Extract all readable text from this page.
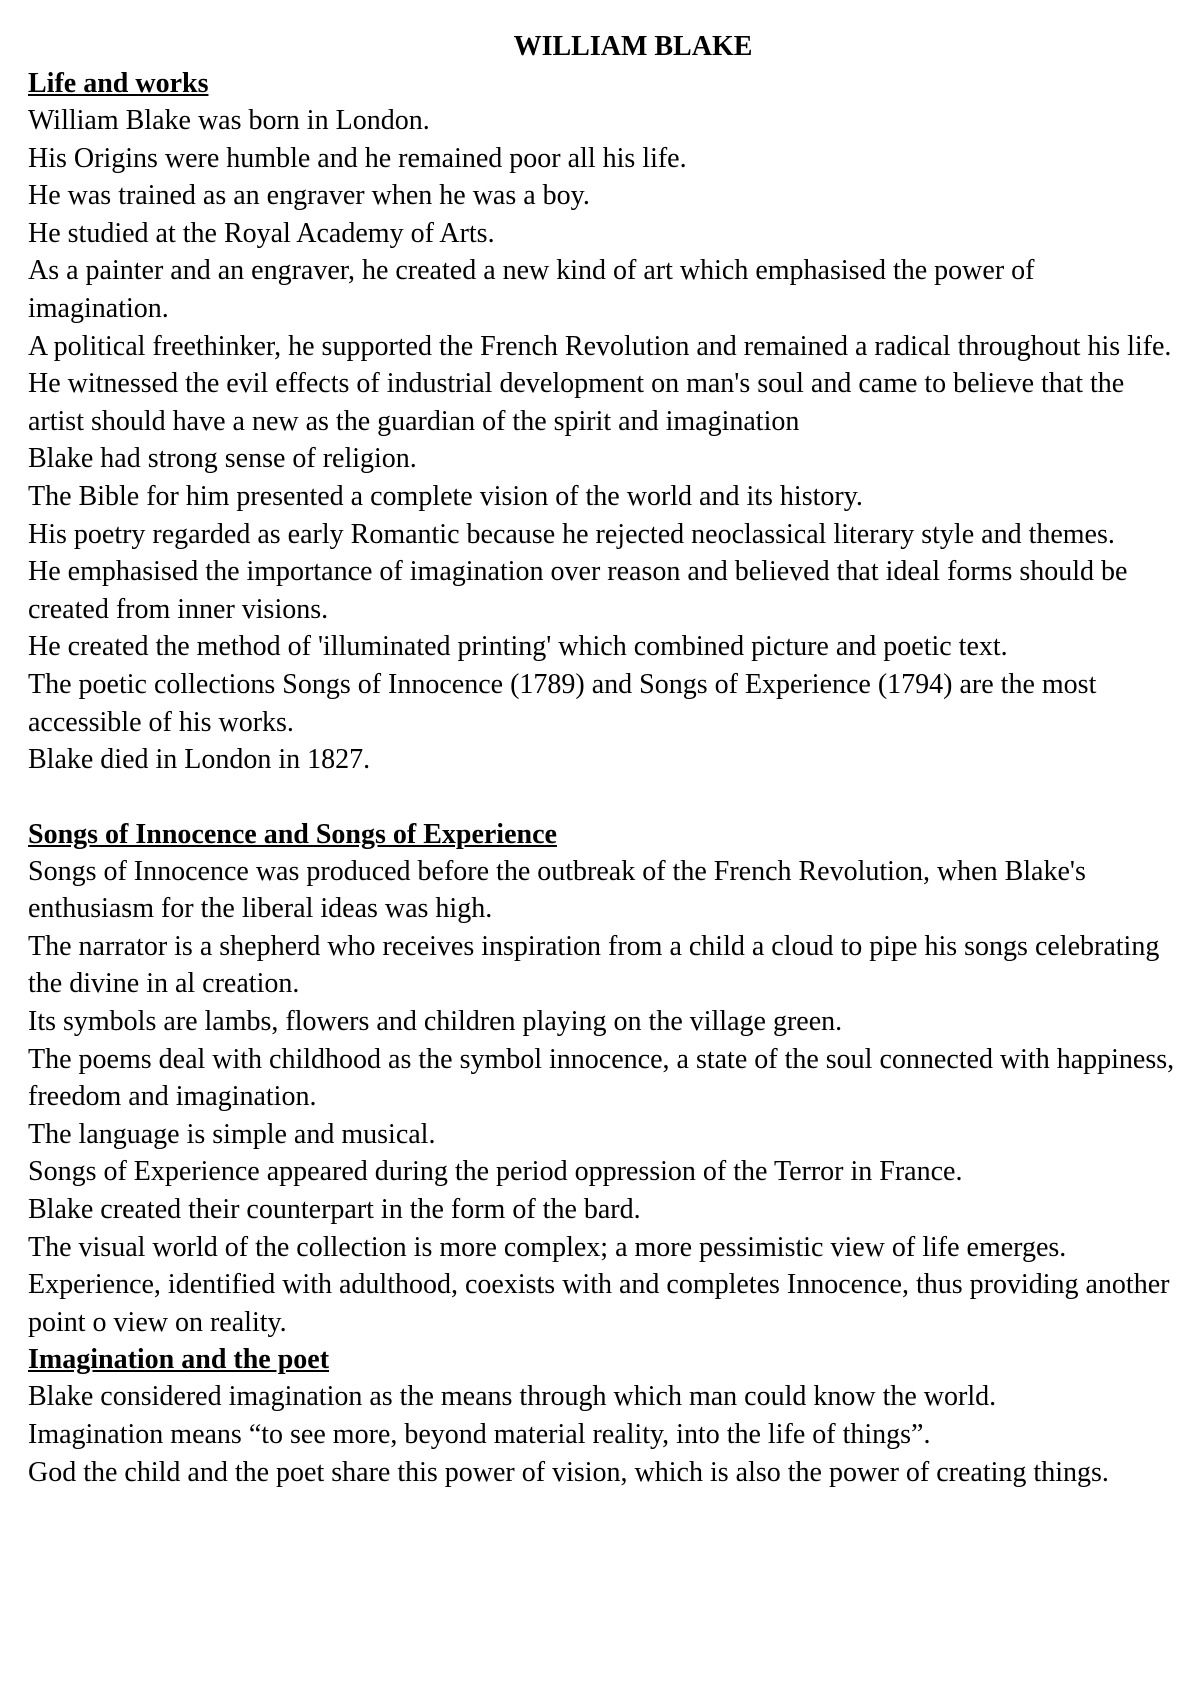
WILLIAM BLAKE
Life and works

William Blake was born in London.

His Origins were humble and he remained poor all his life.

He was trained as an engraver when he was a boy.

He studied at the Royal Academy of Arts.

As a painter and an engraver, he created a new kind of art which emphasised the power of imagination.

A political freethinker, he supported the French Revolution and remained a radical throughout his life.

He witnessed the evil effects of industrial development on man's soul and came to believe that the artist should have a new as the guardian of the spirit and imagination

Blake had strong sense of religion.

The Bible for him presented a complete vision of the world and its history.

His poetry regarded as early Romantic because he rejected neoclassical literary style and themes.

He emphasised the importance of imagination over reason and believed that ideal forms should be created from inner visions.

He created the method of 'illuminated printing' which combined picture and poetic text.

The poetic collections Songs of Innocence (1789) and Songs of Experience (1794) are the most accessible of his works.

Blake died in London in 1827.

Songs of Innocence and Songs of Experience

Songs of Innocence was produced before the outbreak of the French Revolution, when Blake's enthusiasm for the liberal ideas was high.

The narrator is a shepherd who receives inspiration from a child a cloud to pipe his songs celebrating the divine in al creation.

Its symbols are lambs, flowers and children playing on the village green.

The poems deal with childhood as the symbol innocence, a state of the soul connected with happiness, freedom and imagination.

The language is simple and musical.

Songs of Experience appeared during the period oppression of the Terror in France.

Blake created their counterpart in the form of the bard.

The visual world of the collection is more complex; a more pessimistic view of life emerges.

Experience, identified with adulthood, coexists with and completes Innocence, thus providing another point o view on reality.

Imagination and the poet

Blake considered imagination as the means through which man could know the world.

Imagination means “to see more, beyond material reality, into the life of things”.

God the child and the poet share this power of vision, which is also the power of creating things.
